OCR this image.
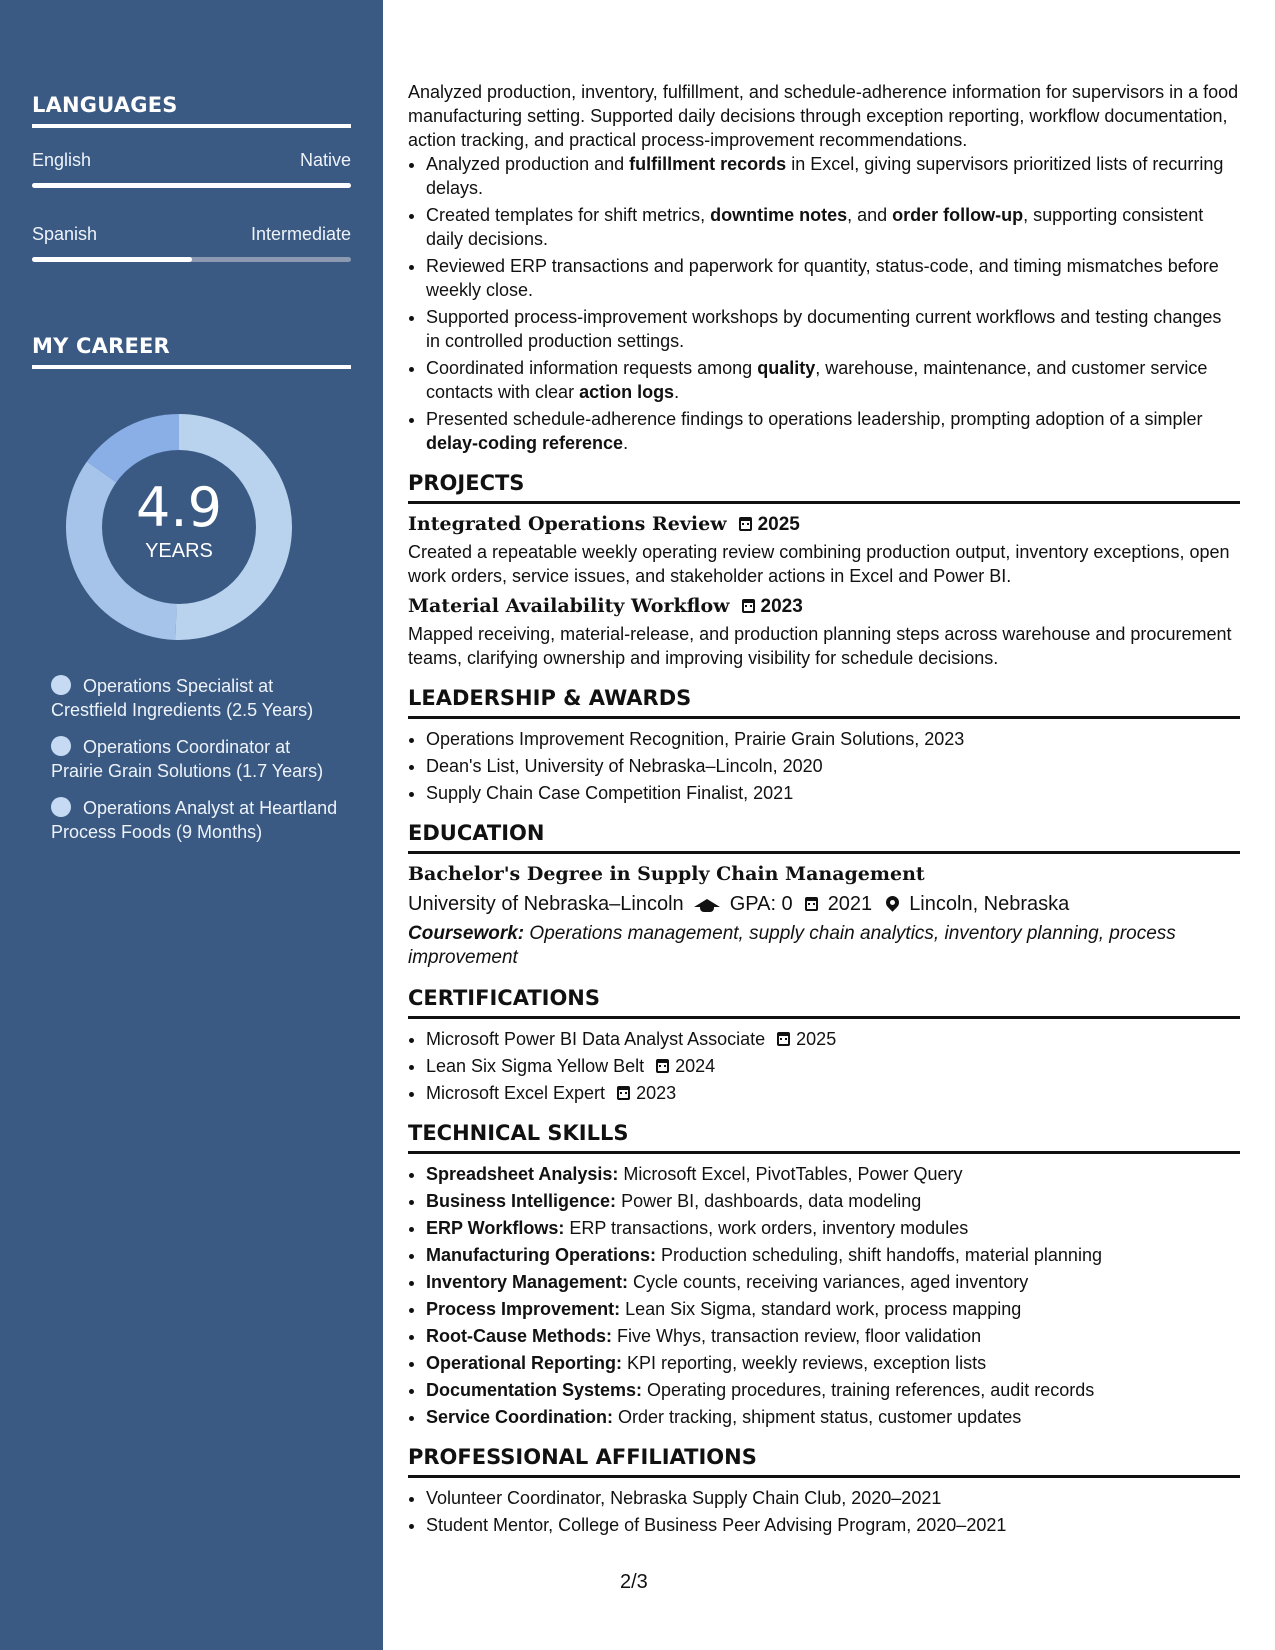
LANGUAGES
English	Native
Spanish	Intermediate
MY CAREER
4.9
YEARS
Operations Specialist at Crestfield Ingredients (2.5 Years)
Operations Coordinator at Prairie Grain Solutions (1.7 Years)
Operations Analyst at Heartland Process Foods (9 Months)

Analyzed production, inventory, fulfillment, and schedule-adherence information for supervisors in a food manufacturing setting. Supported daily decisions through exception reporting, workflow documentation, action tracking, and practical process-improvement recommendations.

• Analyzed production and fulfillment records in Excel, giving supervisors prioritized lists of recurring delays.
• Created templates for shift metrics, downtime notes, and order follow-up, supporting consistent daily decisions.
• Reviewed ERP transactions and paperwork for quantity, status-code, and timing mismatches before weekly close.
• Supported process-improvement workshops by documenting current workflows and testing changes in controlled production settings.
• Coordinated information requests among quality, warehouse, maintenance, and customer service contacts with clear action logs.
• Presented schedule-adherence findings to operations leadership, prompting adoption of a simpler delay-coding reference.
PROJECTS
Integrated Operations Review 2025

Created a repeatable weekly operating review combining production output, inventory exceptions, open work orders, service issues, and stakeholder actions in Excel and Power BI.

Material Availability Workflow 2023

Mapped receiving, material-release, and production planning steps across warehouse and procurement teams, clarifying ownership and improving visibility for schedule decisions.

LEADERSHIP & AWARDS
• Operations Improvement Recognition, Prairie Grain Solutions, 2023
• Dean's List, University of Nebraska–Lincoln, 2020
• Supply Chain Case Competition Finalist, 2021
EDUCATION
Bachelor's Degree in Supply Chain Management
University of Nebraska–Lincoln GPA: 0 2021 Lincoln, Nebraska
Coursework: Operations management, supply chain analytics, inventory planning, process improvement
CERTIFICATIONS
• Microsoft Power BI Data Analyst Associate 2025
• Lean Six Sigma Yellow Belt 2024
• Microsoft Excel Expert 2023
TECHNICAL SKILLS
• Spreadsheet Analysis: Microsoft Excel, PivotTables, Power Query
• Business Intelligence: Power BI, dashboards, data modeling
• ERP Workflows: ERP transactions, work orders, inventory modules
• Manufacturing Operations: Production scheduling, shift handoffs, material planning
• Inventory Management: Cycle counts, receiving variances, aged inventory
• Process Improvement: Lean Six Sigma, standard work, process mapping
• Root-Cause Methods: Five Whys, transaction review, floor validation
• Operational Reporting: KPI reporting, weekly reviews, exception lists
• Documentation Systems: Operating procedures, training references, audit records
• Service Coordination: Order tracking, shipment status, customer updates
PROFESSIONAL AFFILIATIONS
• Volunteer Coordinator, Nebraska Supply Chain Club, 2020–2021
• Student Mentor, College of Business Peer Advising Program, 2020–2021
2/3
